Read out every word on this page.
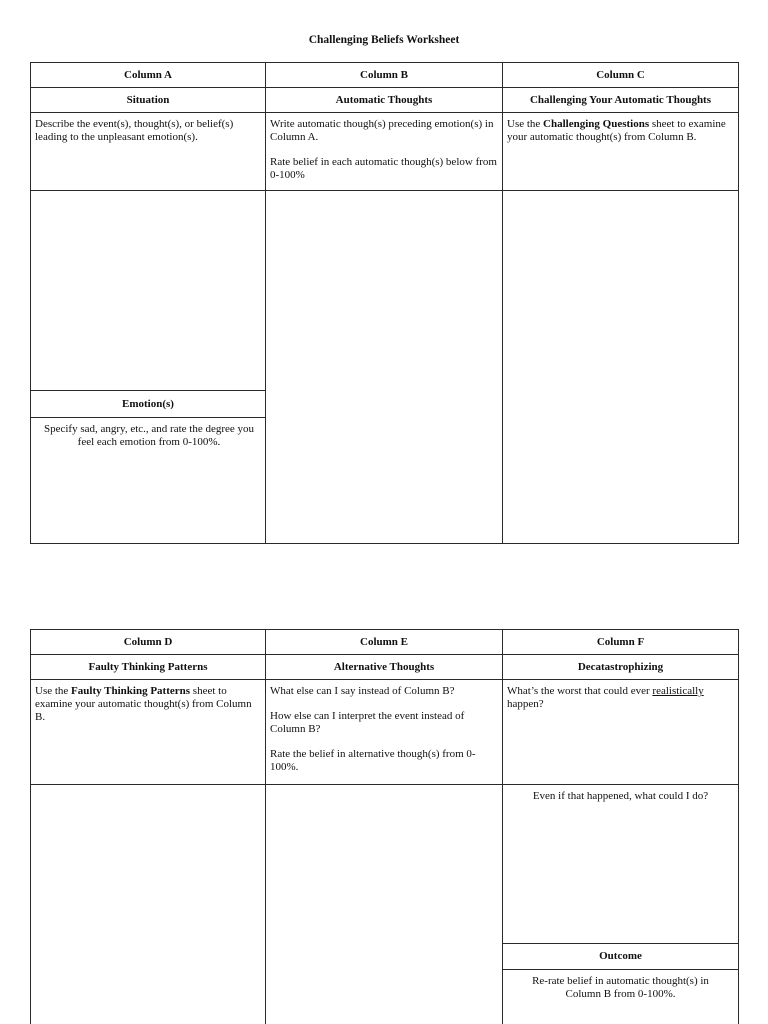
Challenging Beliefs Worksheet
Column A
Situation
Describe the event(s), thought(s), or belief(s) leading to the unpleasant emotion(s).
Emotion(s)
Specify sad, angry, etc., and rate the degree you feel each emotion from 0-100%.
Column B
Automatic Thoughts

Write automatic though(s) preceding emotion(s) in Column A.

Rate belief in each automatic though(s) below from 0-100%

Column C
Challenging Your Automatic Thoughts
Use the Challenging Questions sheet to examine your automatic thought(s) from Column B.
Column D
Faulty Thinking Patterns
Use the Faulty Thinking Patterns sheet to examine your automatic thought(s) from Column B.
Column E
Alternative Thoughts

What else can I say instead of Column B?

How else can I interpret the event instead of Column B?

Rate the belief in alternative though(s) from 0-100%.

Column F
Decatastrophizing
What’s the worst that could ever realistically happen?
Even if that happened, what could I do?
Outcome
Re-rate belief in automatic thought(s) in Column B from 0-100%.
